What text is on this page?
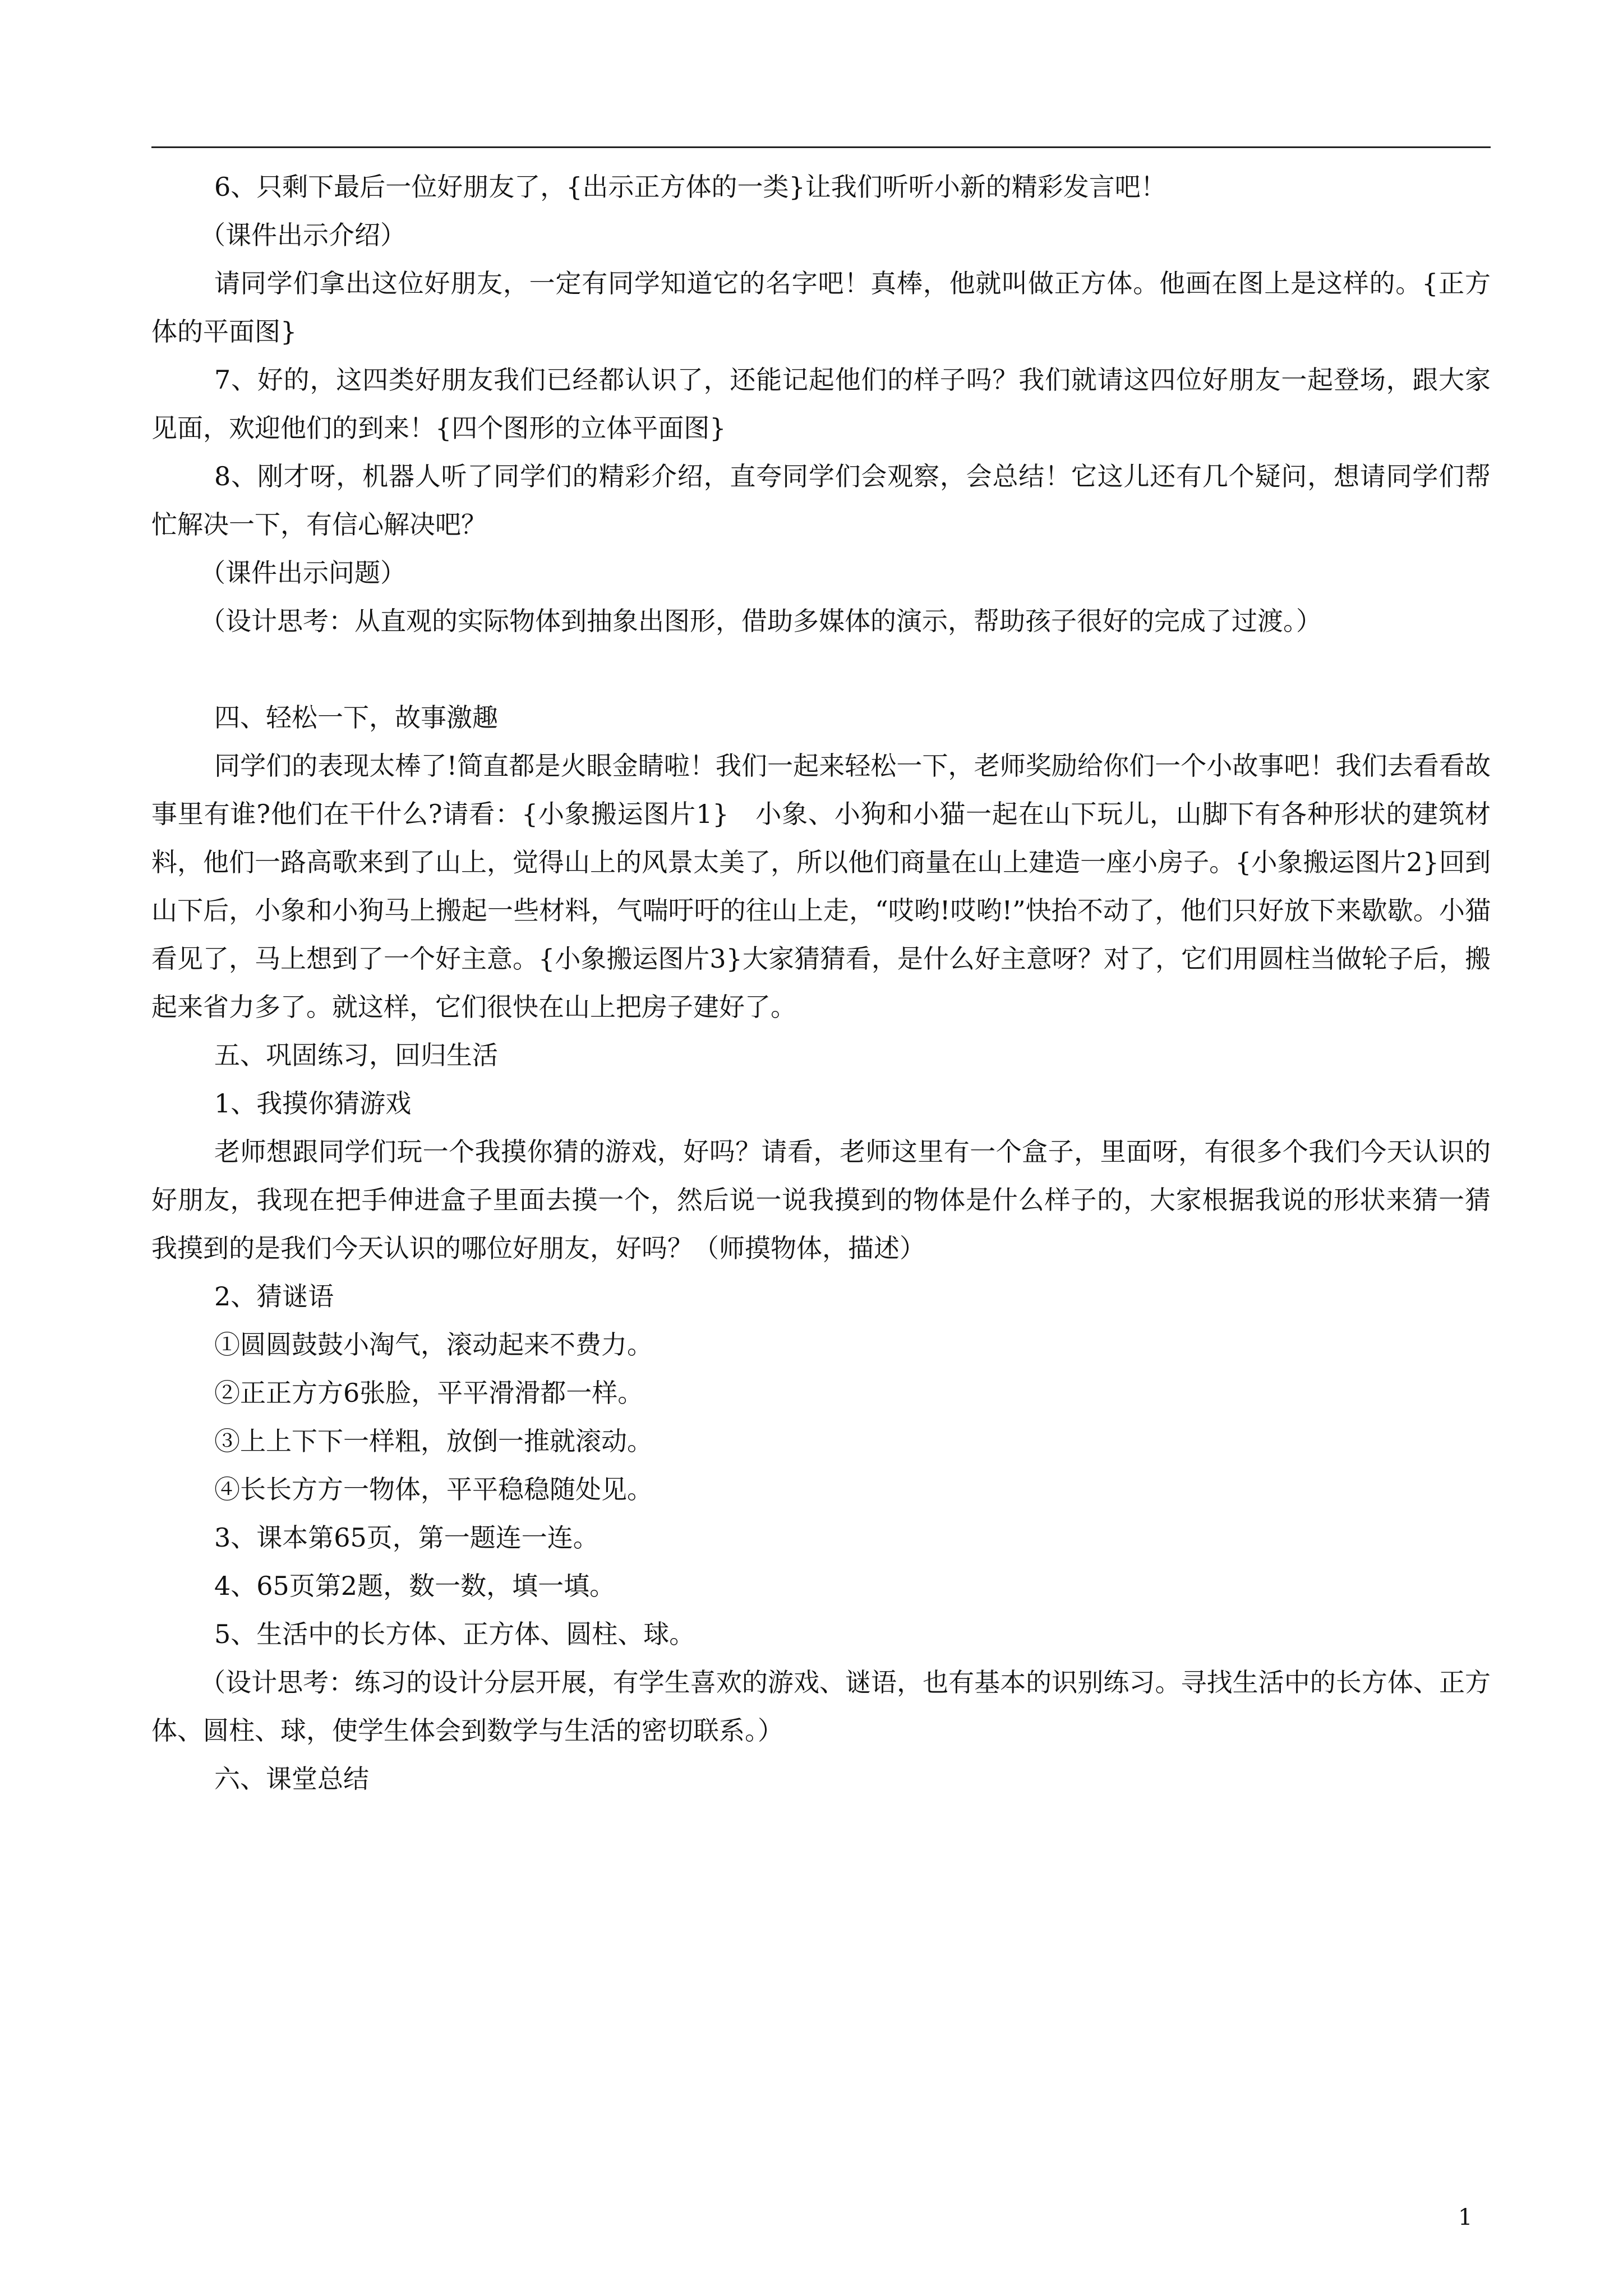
6、只剩下最后一位好朋友了，{出示正方体的一类}让我们听听小新的精彩发言吧！

（课件出示介绍）

请同学们拿出这位好朋友，一定有同学知道它的名字吧！真棒，他就叫做正方体。他画在图上是这样的。{正方体的平面图}

7、好的，这四类好朋友我们已经都认识了，还能记起他们的样子吗？我们就请这四位好朋友一起登场，跟大家见面，欢迎他们的到来！{四个图形的立体平面图}

8、刚才呀，机器人听了同学们的精彩介绍，直夸同学们会观察，会总结！它这儿还有几个疑问，想请同学们帮忙解决一下，有信心解决吧？

（课件出示问题）

（设计思考：从直观的实际物体到抽象出图形，借助多媒体的演示，帮助孩子很好的完成了过渡。）

四、轻松一下，故事激趣

同学们的表现太棒了!简直都是火眼金睛啦！我们一起来轻松一下，老师奖励给你们一个小故事吧！我们去看看故事里有谁?他们在干什么?请看：{小象搬运图片1}　小象、小狗和小猫一起在山下玩儿，山脚下有各种形状的建筑材料，他们一路高歌来到了山上，觉得山上的风景太美了，所以他们商量在山上建造一座小房子。{小象搬运图片2}回到山下后，小象和小狗马上搬起一些材料，气喘吁吁的往山上走，“哎哟!哎哟!”快抬不动了，他们只好放下来歇歇。小猫看见了，马上想到了一个好主意。{小象搬运图片3}大家猜猜看，是什么好主意呀？对了，它们用圆柱当做轮子后，搬起来省力多了。就这样，它们很快在山上把房子建好了。

五、巩固练习，回归生活

1、我摸你猜游戏

老师想跟同学们玩一个我摸你猜的游戏，好吗？请看，老师这里有一个盒子，里面呀，有很多个我们今天认识的好朋友，我现在把手伸进盒子里面去摸一个，然后说一说我摸到的物体是什么样子的，大家根据我说的形状来猜一猜我摸到的是我们今天认识的哪位好朋友，好吗？（师摸物体，描述）

2、猜谜语

①圆圆鼓鼓小淘气，滚动起来不费力。

②正正方方6张脸，平平滑滑都一样。

③上上下下一样粗，放倒一推就滚动。

④长长方方一物体，平平稳稳随处见。

3、课本第65页，第一题连一连。

4、65页第2题，数一数，填一填。

5、生活中的长方体、正方体、圆柱、球。

（设计思考：练习的设计分层开展，有学生喜欢的游戏、谜语，也有基本的识别练习。寻找生活中的长方体、正方体、圆柱、球，使学生体会到数学与生活的密切联系。）

六、课堂总结

1
